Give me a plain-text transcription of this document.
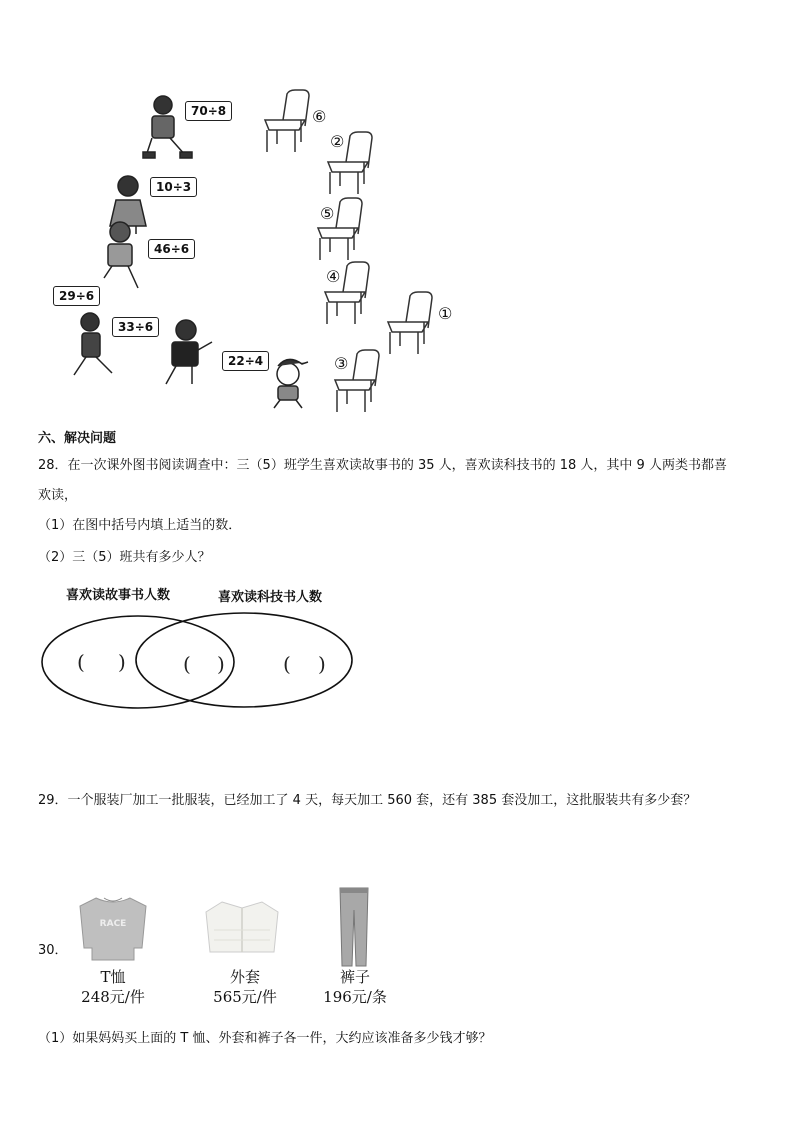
70÷8
10÷3
46÷6
29÷6
33÷6
22÷4
⑥
②
⑤
④
①
③
六、解决问题
28．在一次课外图书阅读调查中：三（5）班学生喜欢读故事书的 35 人，喜欢读科技书的 18 人，其中 9 人两类书都喜
欢读，
（1）在图中括号内填上适当的数．
（2）三（5）班共有多少人？
喜欢读故事书人数	喜欢读科技书人数
( )	( )	( )
29．一个服装厂加工一批服装，已经加工了 4 天，每天加工 560 套，还有 385 套没加工，这批服装共有多少套？
30．
RACE
T恤
248元/件
外套
565元/件
裤子
196元/条
（1）如果妈妈买上面的 T 恤、外套和裤子各一件，大约应该准备多少钱才够？
